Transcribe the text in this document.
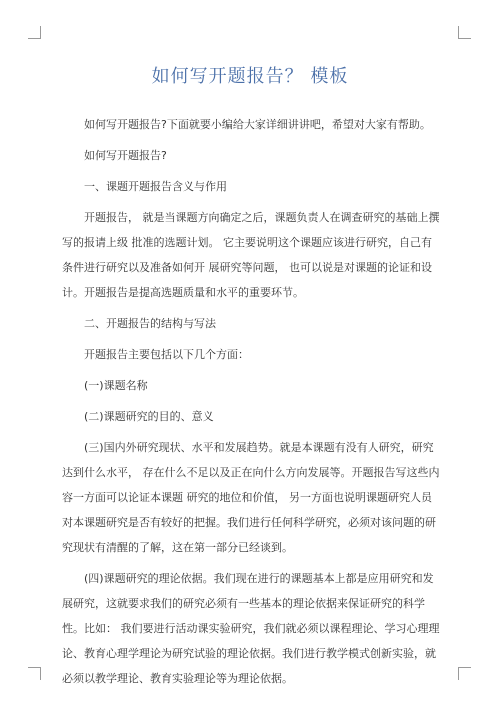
如何写开题报告？ 模板

如何写开题报告?下面就要小编给大家详细讲讲吧，希望对大家有帮助。

如何写开题报告?

一、课题开题报告含义与作用

开题报告， 就是当课题方向确定之后，课题负责人在调查研究的基础上撰写的报请上级 批准的选题计划。 它主要说明这个课题应该进行研究，自己有条件进行研究以及准备如何开 展研究等问题， 也可以说是对课题的论证和设计。开题报告是提高选题质量和水平的重要环节。

二、开题报告的结构与写法

开题报告主要包括以下几个方面：

(一)课题名称

(二)课题研究的目的、意义

(三)国内外研究现状、水平和发展趋势。就是本课题有没有人研究，研究达到什么水平， 存在什么不足以及正在向什么方向发展等。开题报告写这些内容一方面可以论证本课题 研究的地位和价值， 另一方面也说明课题研究人员对本课题研究是否有较好的把握。我们进行任何科学研究，必须对该问题的研究现状有清醒的了解，这在第一部分已经谈到。

(四)课题研究的理论依据。我们现在进行的课题基本上都是应用研究和发展研究，这就要求我们的研究必须有一些基本的理论依据来保证研究的科学性。比如： 我们要进行活动课实验研究，我们就必须以课程理论、学习心理理论、教育心理学理论为研究试验的理论依据。我们进行教学模式创新实验，就必须以教学理论、教育实验理论等为理论依据。
